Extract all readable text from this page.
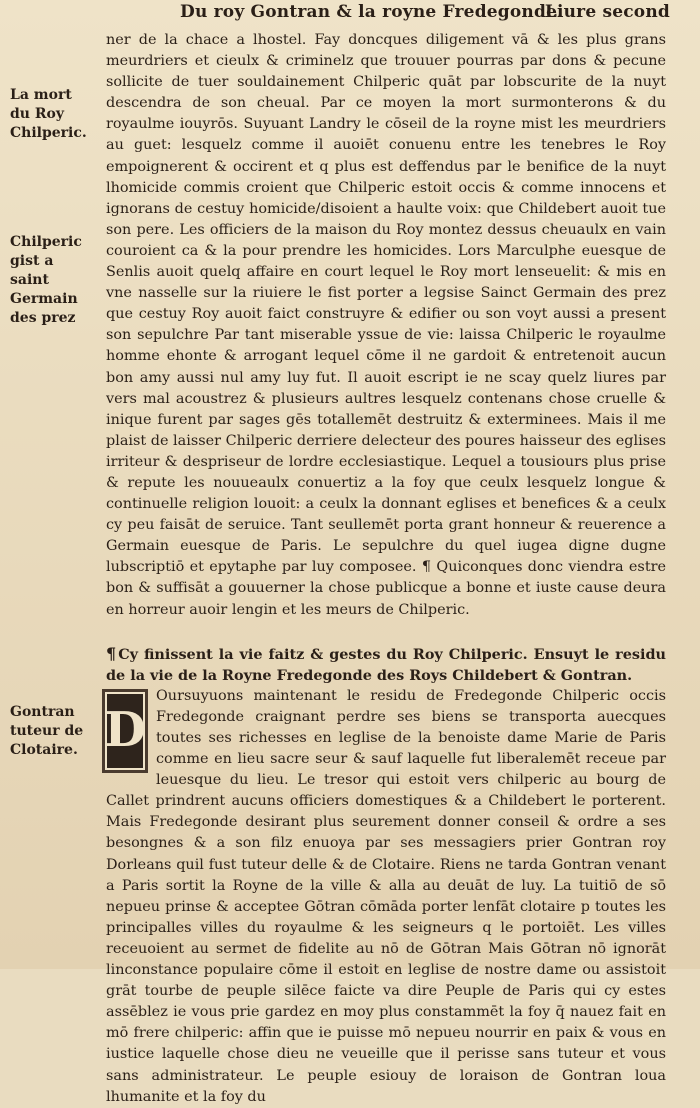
Du roy Gontran & la royne Fredegonde.
Liure second
La mort du Roy Chilperic.
Chilperic gist a saint Germain des prez
Gontran tuteur de Clotaire.

ner de la chace a lhostel. Fay doncques diligement vā & les plus grans meurdriers et cieulx & criminelz que trouuer pourras par dons & pecune sollicite de tuer souldainement Chilperic quāt par lobscurite de la nuyt descendra de son cheual. Par ce moyen la mort surmonterons & du royaulme iouyrōs. Suyuant Landry le cōseil de la royne mist les meurdriers au guet: lesquelz comme il auoiēt conuenu entre les tenebres le Roy empoignerent & occirent et q plus est deffendus par le benifice de la nuyt lhomicide commis croient que Chilperic estoit occis & comme innocens et ignorans de cestuy homicide/disoient a haulte voix: que Childebert auoit tue son pere. Les officiers de la maison du Roy montez dessus cheuaulx en vain couroient ca & la pour prendre les homicides. Lors Marculphe euesque de Senlis auoit quelq affaire en court lequel le Roy mort lenseuelit: & mis en vne nasselle sur la riuiere le fist porter a legsise Sainct Germain des prez que cestuy Roy auoit faict construyre & edifier ou son voyt aussi a present son sepulchre Par tant miserable yssue de vie: laissa Chilperic le royaulme homme ehonte & arrogant lequel cōme il ne gardoit & entretenoit aucun bon amy aussi nul amy luy fut. Il auoit escript ie ne scay quelz liures par vers mal acoustrez & plusieurs aultres lesquelz contenans chose cruelle & inique furent par sages gēs totallemēt destruitz & exterminees. Mais il me plaist de laisser Chilperic derriere delecteur des poures haisseur des eglises irriteur & despriseur de lordre ecclesiastique. Lequel a tousiours plus prise & repute les nouueaulx conuertiz a la foy que ceulx lesquelz longue & continuelle religion louoit: a ceulx la donnant eglises et benefices & a ceulx cy peu faisāt de seruice. Tant seullemēt porta grant honneur & reuerence a Germain euesque de Paris. Le sepulchre du quel iugea digne dugne lubscriptiō et epytaphe par luy composee. ¶ Quiconques donc viendra estre bon & suffisāt a gouuerner la chose publicque a bonne et iuste cause deura en horreur auoir lengin et les meurs de Chilperic.

¶ Cy finissent la vie faitz & gestes du Roy Chilperic. Ensuyt le residu de la vie de la Royne Fredegonde des Roys Childebert & Gontran.

D
Oursuyuons maintenant le residu de Fredegonde Chilperic occis Fredegonde craignant perdre ses biens se transporta auecques toutes ses richesses en leglise de la benoiste dame Marie de Paris comme en lieu sacre seur & sauf laquelle fut liberalemēt receue par leuesque du lieu. Le tresor qui estoit vers chilperic au bourg de Callet prindrent aucuns officiers domestiques & a Childebert le porterent. Mais Fredegonde desirant plus seurement donner conseil & ordre a ses besongnes & a son filz enuoya par ses messagiers prier Gontran roy Dorleans quil fust tuteur delle & de Clotaire. Riens ne tarda Gontran venant a Paris sortit la Royne de la ville & alla au deuāt de luy. La tuitiō de sō nepueu prinse & acceptee Gōtran cōmāda porter lenfāt clotaire p toutes les principalles villes du royaulme & les seigneurs q le portoiēt. Les villes receuoient au sermet de fidelite au nō de Gōtran Mais Gōtran nō ignorāt linconstance populaire cōme il estoit en leglise de nostre dame ou assistoit grāt tourbe de peuple silēce faicte va dire Peuple de Paris qui cy estes assēblez ie vous prie gardez en moy plus constammēt la foy q̄ nauez fait en mō frere chilperic: affin que ie puisse mō nepueu nourrir en paix & vous en iustice laquelle chose dieu ne veueille que il perisse sans tuteur et vous sans administrateur. Le peuple esiouy de loraison de Gontran loua lhumanite et la foy du
